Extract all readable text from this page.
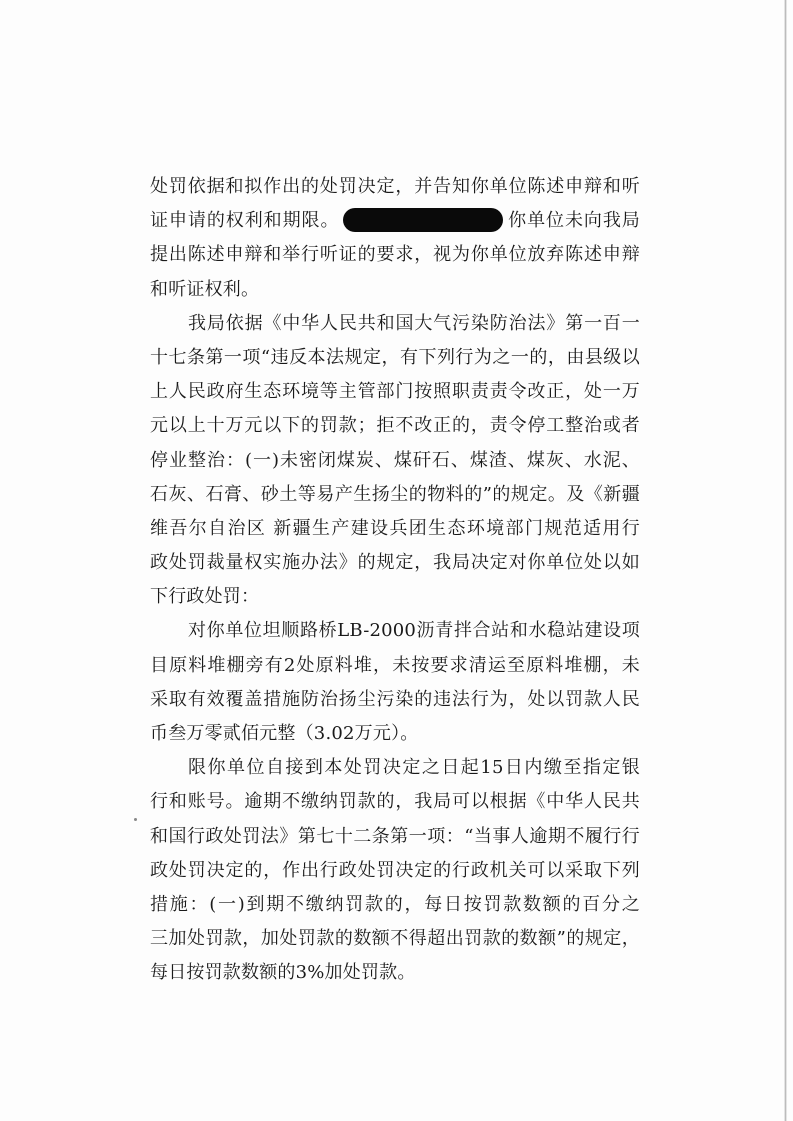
处罚依据和拟作出的处罚决定，并告知你单位陈述申辩和听
证申请的权利和期限。	你单位未向我局
提出陈述申辩和举行听证的要求，视为你单位放弃陈述申辩
和听证权利。
我局依据《中华人民共和国大气污染防治法》第一百一
十七条第一项“违反本法规定，有下列行为之一的，由县级以
上人民政府生态环境等主管部门按照职责责令改正，处一万
元以上十万元以下的罚款；拒不改正的，责令停工整治或者
停业整治：(一)未密闭煤炭、煤矸石、煤渣、煤灰、水泥、
石灰、石膏、砂土等易产生扬尘的物料的”的规定。及《新疆
维吾尔自治区 新疆生产建设兵团生态环境部门规范适用行
政处罚裁量权实施办法》的规定，我局决定对你单位处以如
下行政处罚：
对你单位坦顺路桥LB-2000沥青拌合站和水稳站建设项
目原料堆棚旁有2处原料堆，未按要求清运至原料堆棚，未
采取有效覆盖措施防治扬尘污染的违法行为，处以罚款人民
币叁万零贰佰元整（3.02万元）。
限你单位自接到本处罚决定之日起15日内缴至指定银
行和账号。逾期不缴纳罚款的，我局可以根据《中华人民共
和国行政处罚法》第七十二条第一项：“当事人逾期不履行行
政处罚决定的，作出行政处罚决定的行政机关可以采取下列
措施：(一)到期不缴纳罚款的，每日按罚款数额的百分之
三加处罚款，加处罚款的数额不得超出罚款的数额”的规定，
每日按罚款数额的3%加处罚款。
